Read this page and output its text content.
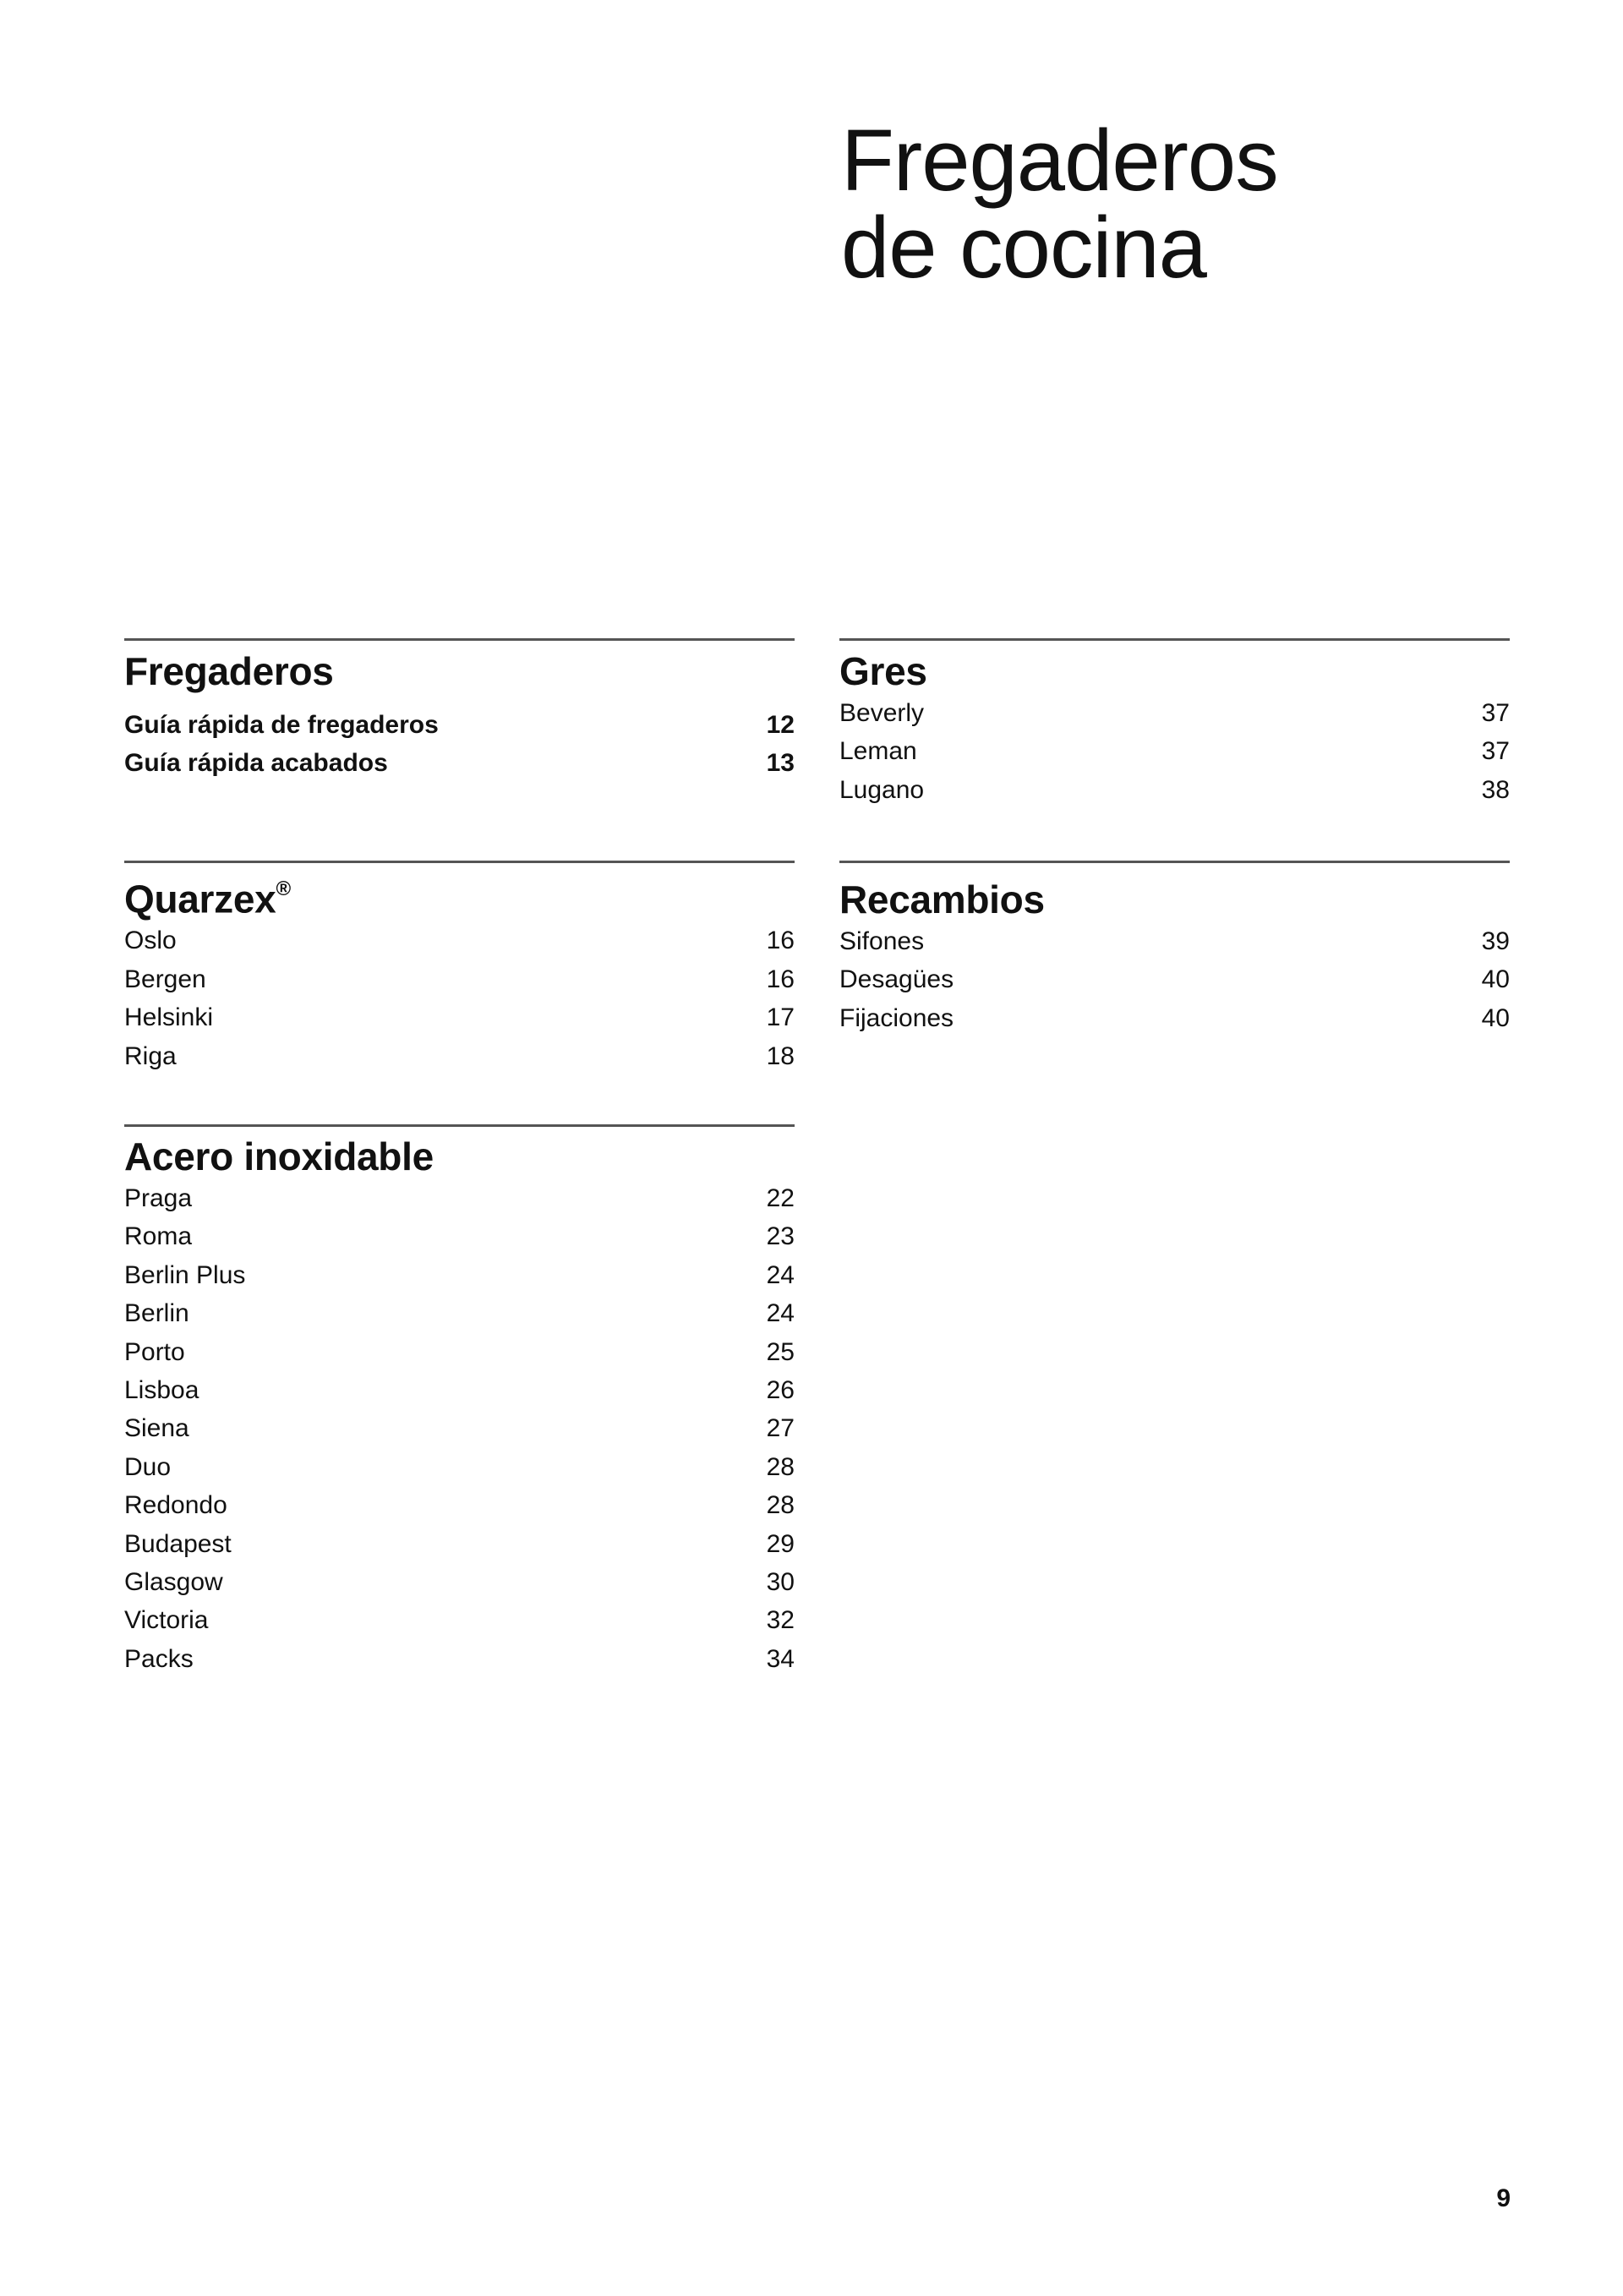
Fregaderos
de cocina
Fregaderos
Guía rápida de fregaderos	12
Guía rápida acabados	13
Quarzex®
Oslo	16
Bergen	16
Helsinki	17
Riga	18
Acero inoxidable
Praga	22
Roma	23
Berlin Plus	24
Berlin	24
Porto	25
Lisboa	26
Siena	27
Duo	28
Redondo	28
Budapest	29
Glasgow	30
Victoria	32
Packs	34
Gres
Beverly	37
Leman	37
Lugano	38
Recambios
Sifones	39
Desagües	40
Fijaciones	40
9
